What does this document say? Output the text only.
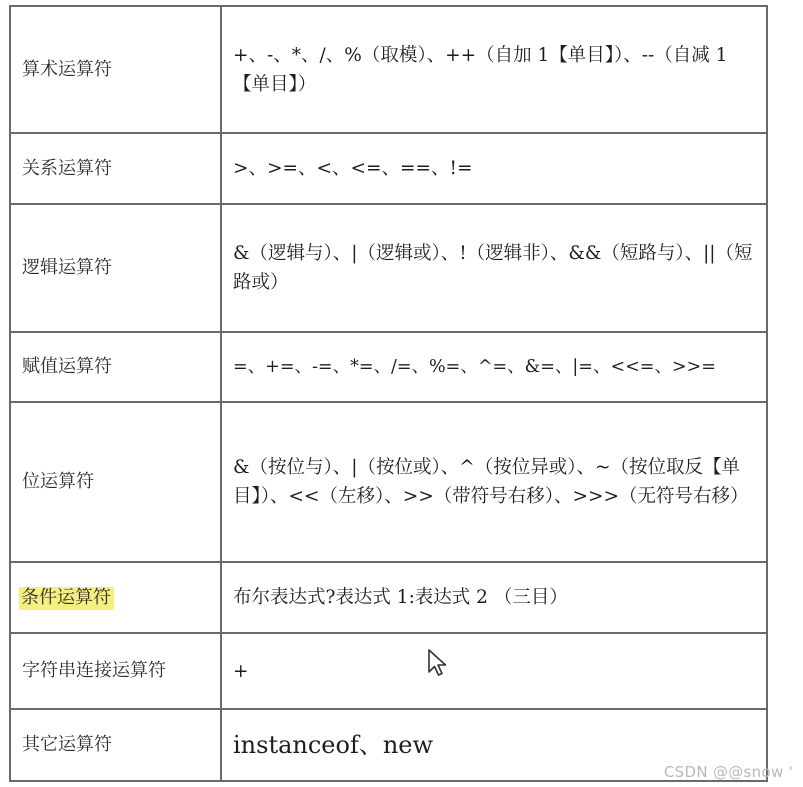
算术运算符	+、-、*、/、%（取模）、++（自加 1【单目】）、--（自减 1【单目】）
关系运算符	>、>=、<、<=、==、!=
逻辑运算符	&（逻辑与）、|（逻辑或）、!（逻辑非）、&&（短路与）、||（短路或）
赋值运算符	=、+=、-=、*=、/=、%=、^=、&=、|=、<<=、>>=
位运算符	&（按位与）、|（按位或）、^（按位异或）、~（按位取反【单目】）、<<（左移）、>>（带符号右移）、>>>（无符号右移）
条件运算符	布尔表达式?表达式 1:表达式 2 （三目）
字符串连接运算符	+
其它运算符	instanceof、new
CSDN @@snow '
